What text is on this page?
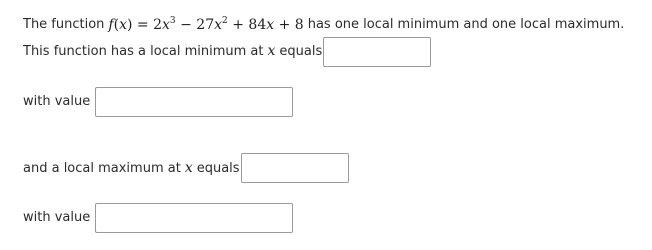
The function $f(x) = 2x^3 - 27x^2 + 84x + 8$ has one local minimum and one local maximum.
This function has a local minimum at x equals
with value
and a local maximum at x equals
with value
